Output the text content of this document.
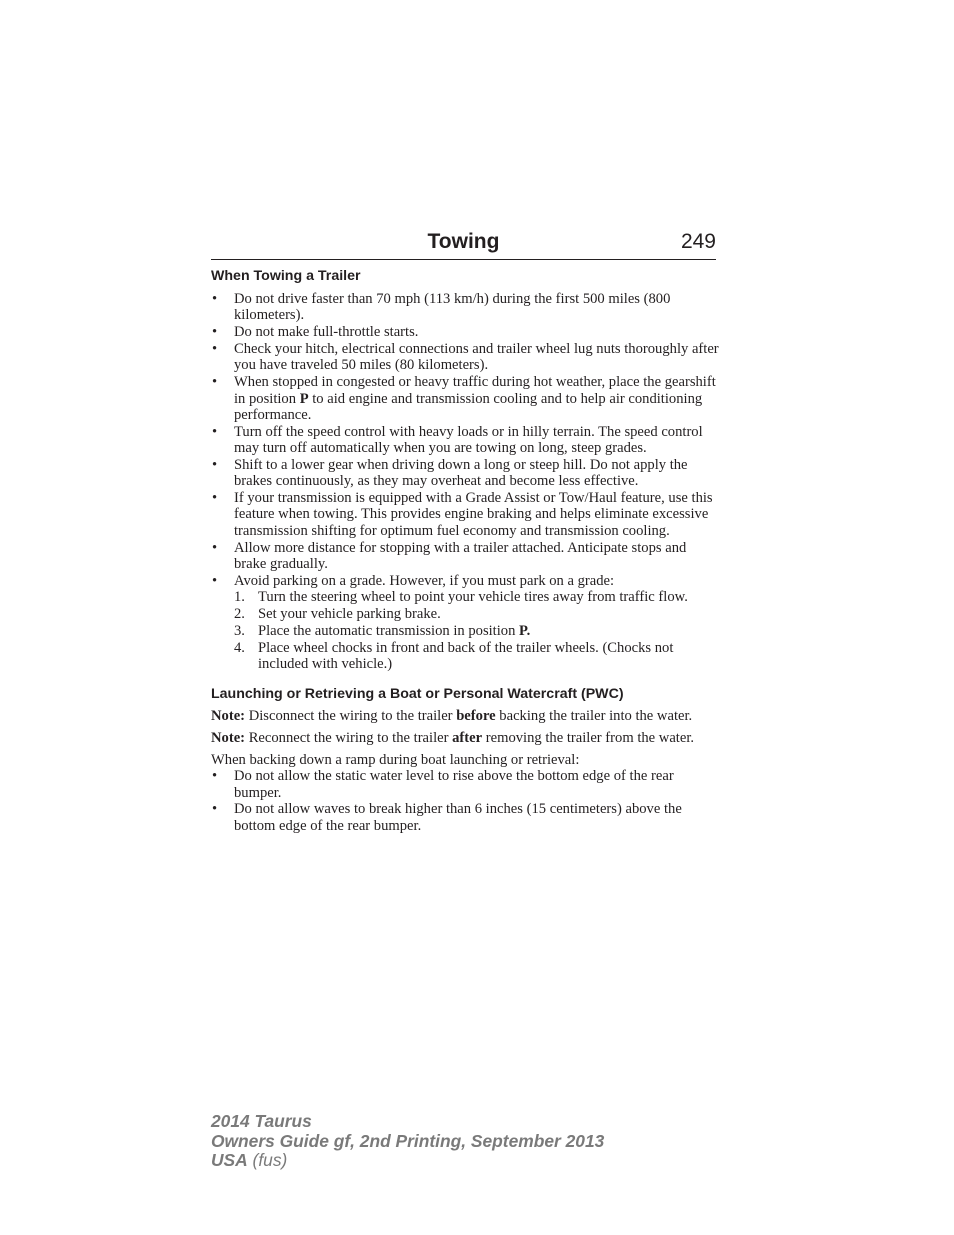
Towing	249
When Towing a Trailer
• Do not drive faster than 70 mph (113 km/h) during the first 500 miles (800 kilometers).
• Do not make full-throttle starts.
• Check your hitch, electrical connections and trailer wheel lug nuts thoroughly after you have traveled 50 miles (80 kilometers).
• When stopped in congested or heavy traffic during hot weather, place the gearshift in position P to aid engine and transmission cooling and to help air conditioning performance.
• Turn off the speed control with heavy loads or in hilly terrain. The speed control may turn off automatically when you are towing on long, steep grades.
• Shift to a lower gear when driving down a long or steep hill. Do not apply the brakes continuously, as they may overheat and become less effective.
• If your transmission is equipped with a Grade Assist or Tow/Haul feature, use this feature when towing. This provides engine braking and helps eliminate excessive transmission shifting for optimum fuel economy and transmission cooling.
• Allow more distance for stopping with a trailer attached. Anticipate stops and brake gradually.
• Avoid parking on a grade. However, if you must park on a grade:
1. Turn the steering wheel to point your vehicle tires away from traffic flow.
2. Set your vehicle parking brake.
3. Place the automatic transmission in position P.
4. Place wheel chocks in front and back of the trailer wheels. (Chocks not included with vehicle.)
Launching or Retrieving a Boat or Personal Watercraft (PWC)

Note: Disconnect the wiring to the trailer before backing the trailer into the water.

Note: Reconnect the wiring to the trailer after removing the trailer from the water.

When backing down a ramp during boat launching or retrieval:

• Do not allow the static water level to rise above the bottom edge of the rear bumper.
• Do not allow waves to break higher than 6 inches (15 centimeters) above the bottom edge of the rear bumper.
2014 Taurus
Owners Guide gf, 2nd Printing, September 2013
USA (fus)
